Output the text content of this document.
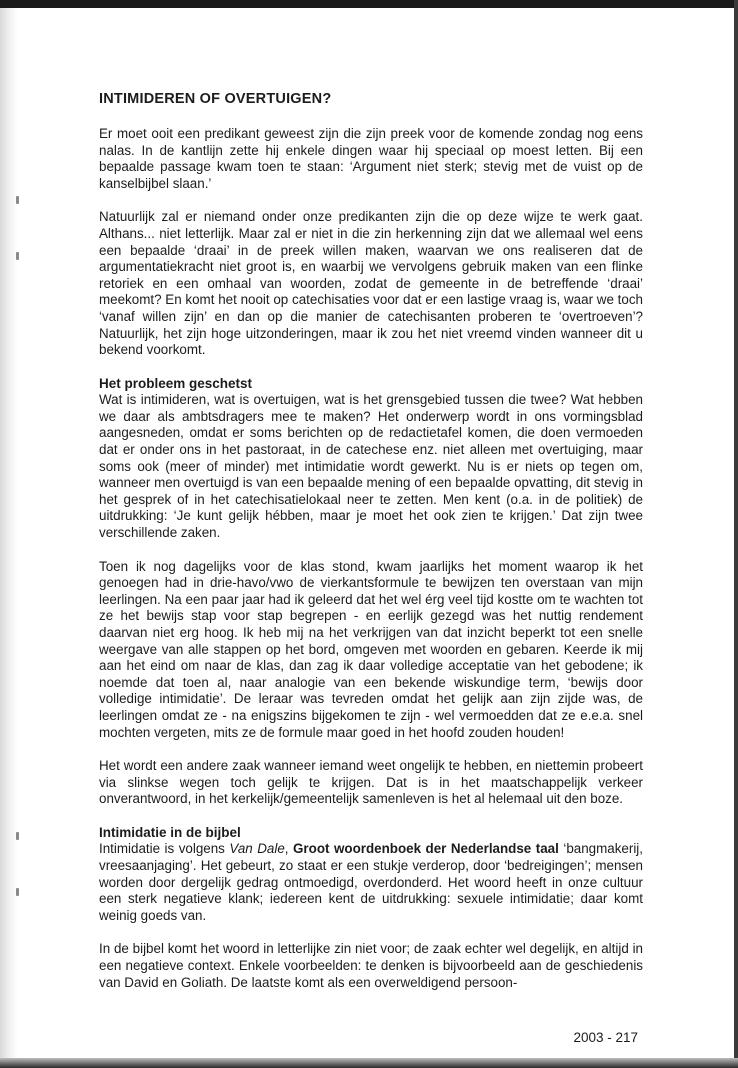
INTIMIDEREN OF OVERTUIGEN?

Er moet ooit een predikant geweest zijn die zijn preek voor de komende zondag nog eens nalas. In de kantlijn zette hij enkele dingen waar hij speciaal op moest letten. Bij een bepaalde passage kwam toen te staan: ‘Argument niet sterk; stevig met de vuist op de kanselbijbel slaan.’

Natuurlijk zal er niemand onder onze predikanten zijn die op deze wijze te werk gaat. Althans... niet letterlijk. Maar zal er niet in die zin herkenning zijn dat we allemaal wel eens een bepaalde ‘draai’ in de preek willen maken, waarvan we ons realiseren dat de argumentatiekracht niet groot is, en waarbij we vervolgens gebruik maken van een flinke retoriek en een omhaal van woorden, zodat de gemeente in de betreffende ‘draai’ meekomt? En komt het nooit op catechisaties voor dat er een lastige vraag is, waar we toch ‘vanaf willen zijn’ en dan op die manier de catechisanten proberen te ‘overtroeven’? Natuurlijk, het zijn hoge uitzonderingen, maar ik zou het niet vreemd vinden wanneer dit u bekend voorkomt.

Het probleem geschetst

Wat is intimideren, wat is overtuigen, wat is het grensgebied tussen die twee? Wat hebben we daar als ambtsdragers mee te maken? Het onderwerp wordt in ons vormingsblad aangesneden, omdat er soms berichten op de redactietafel komen, die doen vermoeden dat er onder ons in het pastoraat, in de catechese enz. niet alleen met overtuiging, maar soms ook (meer of minder) met intimidatie wordt gewerkt. Nu is er niets op tegen om, wanneer men overtuigd is van een bepaalde mening of een bepaalde opvatting, dit stevig in het gesprek of in het catechisatielokaal neer te zetten. Men kent (o.a. in de politiek) de uitdrukking: ‘Je kunt gelijk hébben, maar je moet het ook zien te krijgen.’ Dat zijn twee verschillende zaken.

Toen ik nog dagelijks voor de klas stond, kwam jaarlijks het moment waarop ik het genoegen had in drie-havo/vwo de vierkantsformule te bewijzen ten overstaan van mijn leerlingen. Na een paar jaar had ik geleerd dat het wel érg veel tijd kostte om te wachten tot ze het bewijs stap voor stap begrepen - en eerlijk gezegd was het nuttig rendement daarvan niet erg hoog. Ik heb mij na het verkrijgen van dat inzicht beperkt tot een snelle weergave van alle stappen op het bord, omgeven met woorden en gebaren. Keerde ik mij aan het eind om naar de klas, dan zag ik daar volledige acceptatie van het gebodene; ik noemde dat toen al, naar analogie van een bekende wiskundige term, ‘bewijs door volledige intimidatie’. De leraar was tevreden omdat het gelijk aan zijn zijde was, de leerlingen omdat ze - na enigszins bijgekomen te zijn - wel vermoedden dat ze e.e.a. snel mochten vergeten, mits ze de formule maar goed in het hoofd zouden houden!

Het wordt een andere zaak wanneer iemand weet ongelijk te hebben, en niettemin probeert via slinkse wegen toch gelijk te krijgen. Dat is in het maatschappelijk verkeer onverantwoord, in het kerkelijk/gemeentelijk samenleven is het al helemaal uit den boze.

Intimidatie in de bijbel

Intimidatie is volgens Van Dale, Groot woordenboek der Nederlandse taal ‘bangmakerij, vreesaanjaging’. Het gebeurt, zo staat er een stukje verderop, door ‘bedreigingen’; mensen worden door dergelijk gedrag ontmoedigd, overdonderd. Het woord heeft in onze cultuur een sterk negatieve klank; iedereen kent de uitdrukking: sexuele intimidatie; daar komt weinig goeds van.

In de bijbel komt het woord in letterlijke zin niet voor; de zaak echter wel degelijk, en altijd in een negatieve context. Enkele voorbeelden: te denken is bijvoorbeeld aan de geschiedenis van David en Goliath. De laatste komt als een overweldigend persoon-

2003 - 217
